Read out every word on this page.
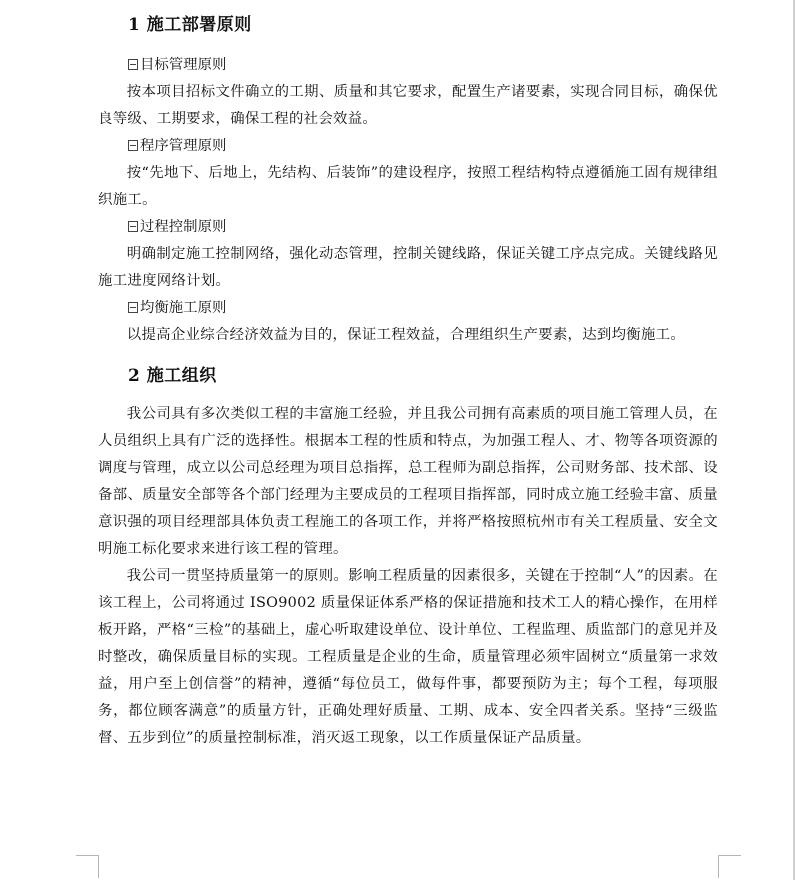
1 施工部署原则
目标管理原则

按本项目招标文件确立的工期、质量和其它要求，配置生产诸要素，实现合同目标，确保优良等级、工期要求，确保工程的社会效益。

程序管理原则

按“先地下、后地上，先结构、后装饰”的建设程序，按照工程结构特点遵循施工固有规律组织施工。

过程控制原则

明确制定施工控制网络，强化动态管理，控制关键线路，保证关键工序点完成。关键线路见施工进度网络计划。

均衡施工原则

以提高企业综合经济效益为目的，保证工程效益，合理组织生产要素，达到均衡施工。

2 施工组织

我公司具有多次类似工程的丰富施工经验，并且我公司拥有高素质的项目施工管理人员，在人员组织上具有广泛的选择性。根据本工程的性质和特点，为加强工程人、才、物等各项资源的调度与管理，成立以公司总经理为项目总指挥，总工程师为副总指挥，公司财务部、技术部、设备部、质量安全部等各个部门经理为主要成员的工程项目指挥部，同时成立施工经验丰富、质量意识强的项目经理部具体负责工程施工的各项工作，并将严格按照杭州市有关工程质量、安全文明施工标化要求来进行该工程的管理。

我公司一贯坚持质量第一的原则。影响工程质量的因素很多，关键在于控制“人”的因素。在该工程上，公司将通过 ISO9002 质量保证体系严格的保证措施和技术工人的精心操作，在用样板开路，严格“三检”的基础上，虚心听取建设单位、设计单位、工程监理、质监部门的意见并及时整改，确保质量目标的实现。工程质量是企业的生命，质量管理必须牢固树立“质量第一求效益，用户至上创信誉”的精神，遵循“每位员工，做每件事，都要预防为主；每个工程，每项服务，都位顾客满意”的质量方针，正确处理好质量、工期、成本、安全四者关系。坚持“三级监督、五步到位”的质量控制标准，消灭返工现象，以工作质量保证产品质量。
